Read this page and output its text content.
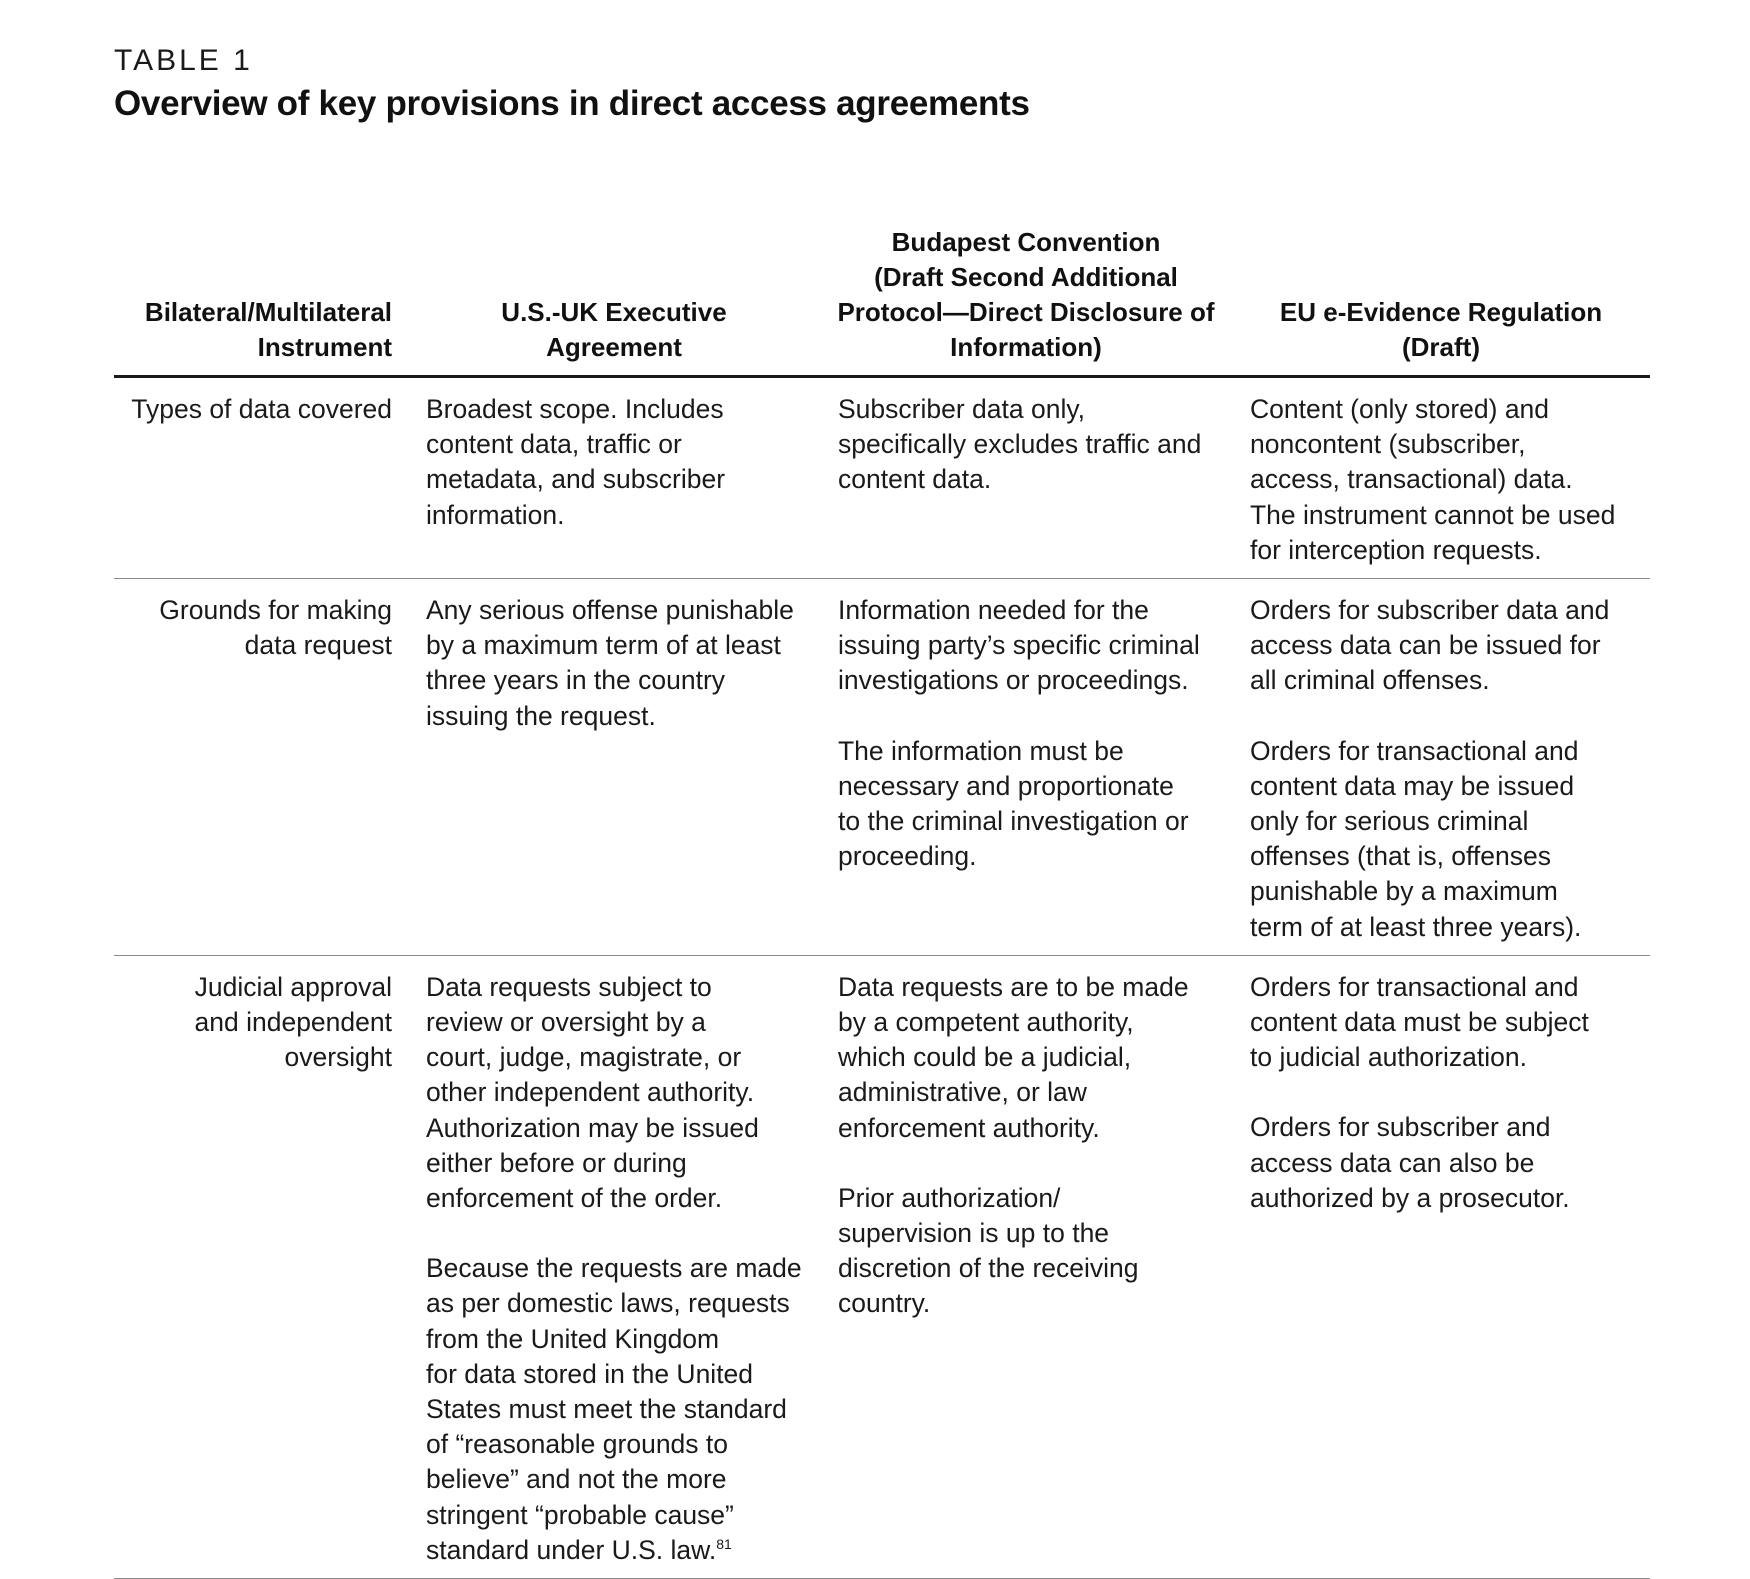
TABLE 1
Overview of key provisions in direct access agreements
Bilateral/Multilateral
Instrument
U.S.-UK Executive
Agreement
Budapest Convention
(Draft Second Additional
Protocol—Direct Disclosure of
Information)
EU e-Evidence Regulation
(Draft)
Types of data covered	Broadest scope. Includes
content data, traffic or
metadata, and subscriber
information.

Subscriber data only,
specifically excludes traffic and
content data.

Content (only stored) and
noncontent (subscriber,
access, transactional) data.
The instrument cannot be used
for interception requests.

Grounds for making
data request

Any serious offense punishable
by a maximum term of at least
three years in the country
issuing the request.

Information needed for the
issuing party’s specific criminal
investigations or proceedings.

The information must be
necessary and proportionate
to the criminal investigation or
proceeding.

Orders for subscriber data and
access data can be issued for
all criminal offenses.

Orders for transactional and
content data may be issued
only for serious criminal
offenses (that is, offenses
punishable by a maximum
term of at least three years).

Judicial approval
and independent
oversight

Data requests subject to
review or oversight by a
court, judge, magistrate, or
other independent authority.
Authorization may be issued
either before or during
enforcement of the order.

Because the requests are made
as per domestic laws, requests
from the United Kingdom
for data stored in the United
States must meet the standard
of “reasonable grounds to
believe” and not the more
stringent “probable cause”
standard under U.S. law.$^{81}$

Data requests are to be made
by a competent authority,
which could be a judicial,
administrative, or law
enforcement authority.

Prior authorization/
supervision is up to the
discretion of the receiving
country.

Orders for transactional and
content data must be subject
to judicial authorization.

Orders for subscriber and
access data can also be
authorized by a prosecutor.
